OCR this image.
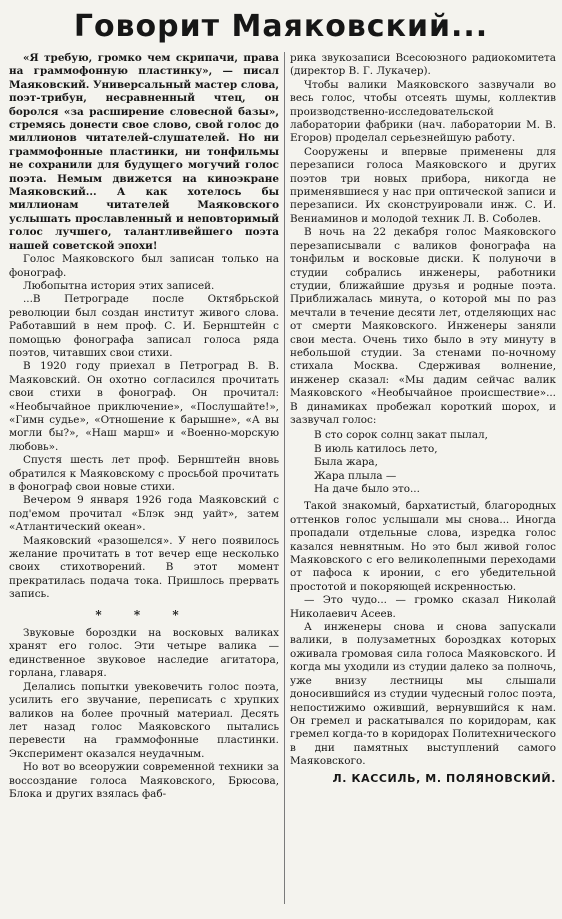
Говорит Маяковский...

«Я требую, громко чем скрипачи, права на граммофонную пластинку», — писал Маяковский. Универсальный мастер слова, поэт-трибун, несравненный чтец, он боролся «за расширение словесной базы», стремясь донести свое слово, свой голос до миллионов читателей-слушателей. Но ни граммофонные пластинки, ни тонфильмы не сохранили для будущего могучий голос поэта. Немым движется на киноэкране Маяковский... А как хотелось бы миллионам читателей Маяковского услышать прославленный и неповторимый голос лучшего, талантливейшего поэта нашей советской эпохи!

Голос Маяковского был записан только на фонограф.

Любопытна история этих записей.

...В Петрограде после Октябрьской революции был создан институт живого слова. Работавший в нем проф. С. И. Бернштейн с помощью фонографа записал голоса ряда поэтов, читавших свои стихи.

В 1920 году приехал в Петроград В. В. Маяковский. Он охотно согласился прочитать свои стихи в фонограф. Он прочитал: «Необычайное приключение», «Послушайте!», «Гимн судье», «Отношение к барышне», «А вы могли бы?», «Наш марш» и «Военно-морскую любовь».

Спустя шесть лет проф. Бернштейн вновь обратился к Маяковскому с просьбой прочитать в фонограф свои новые стихи.

Вечером 9 января 1926 года Маяковский с под'емом прочитал «Блэк энд уайт», затем «Атлантический океан».

Маяковский «разошелся». У него появилось желание прочитать в тот вечер еще несколько своих стихотворений. В этот момент прекратилась подача тока. Пришлось прервать запись.

* * *

Звуковые бороздки на восковых валиках хранят его голос. Эти четыре валика — единственное звуковое наследие агитатора, горлана, главаря.

Делались попытки увековечить голос поэта, усилить его звучание, переписать с хрупких валиков на более прочный материал. Десять лет назад голос Маяковского пытались перевести на граммофонные пластинки. Эксперимент оказался неудачным.

Но вот во всеоружии современной техники за воссоздание голоса Маяковского, Брюсова, Блока и других взялась фаб-

рика звукозаписи Всесоюзного радиокомитета (директор В. Г. Лукачер).

Чтобы валики Маяковского зазвучали во весь голос, чтобы отсеять шумы, коллектив производственно-исследовательской лаборатории фабрики (нач. лаборатории М. В. Егоров) проделал серьезнейшую работу.

Сооружены и впервые применены для перезаписи голоса Маяковского и других поэтов три новых прибора, никогда не применявшиеся у нас при оптической записи и перезаписи. Их сконструировали инж. С. И. Вениаминов и молодой техник Л. В. Соболев.

В ночь на 22 декабря голос Маяковского перезаписывали с валиков фонографа на тонфильм и восковые диски. К полуночи в студии собрались инженеры, работники студии, ближайшие друзья и родные поэта. Приближалась минута, о которой мы по раз мечтали в течение десяти лет, отделяющих нас от смерти Маяковского. Инженеры заняли свои места. Очень тихо было в эту минуту в небольшой студии. За стенами по-ночному стихала Москва. Сдерживая волнение, инженер сказал: «Мы дадим сейчас валик Маяковского «Необычайное происшествие»... В динамиках пробежал короткий шорох, и зазвучал голос:

В сто сорок солнц закат пылал,
В июль катилось лето,
Была жара,
Жара плыла —
На даче было это...

Такой знакомый, бархатистый, благородных оттенков голос услышали мы снова... Иногда пропадали отдельные слова, изредка голос казался невнятным. Но это был живой голос Маяковского с его великолепными переходами от пафоса к иронии, с его убедительной простотой и покоряющей искренностью.

— Это чудо... — громко сказал Николай Николаевич Асеев.

А инженеры снова и снова запускали валики, в полузаметных бороздках которых оживала громовая сила голоса Маяковского. И когда мы уходили из студии далеко за полночь, уже внизу лестницы мы слышали доносившийся из студии чудесный голос поэта, непостижимо оживший, вернувшийся к нам. Он гремел и раскатывался по коридорам, как гремел когда-то в коридорах Политехнического в дни памятных выступлений самого Маяковского.

Л. КАССИЛЬ, М. ПОЛЯНОВСКИЙ.
